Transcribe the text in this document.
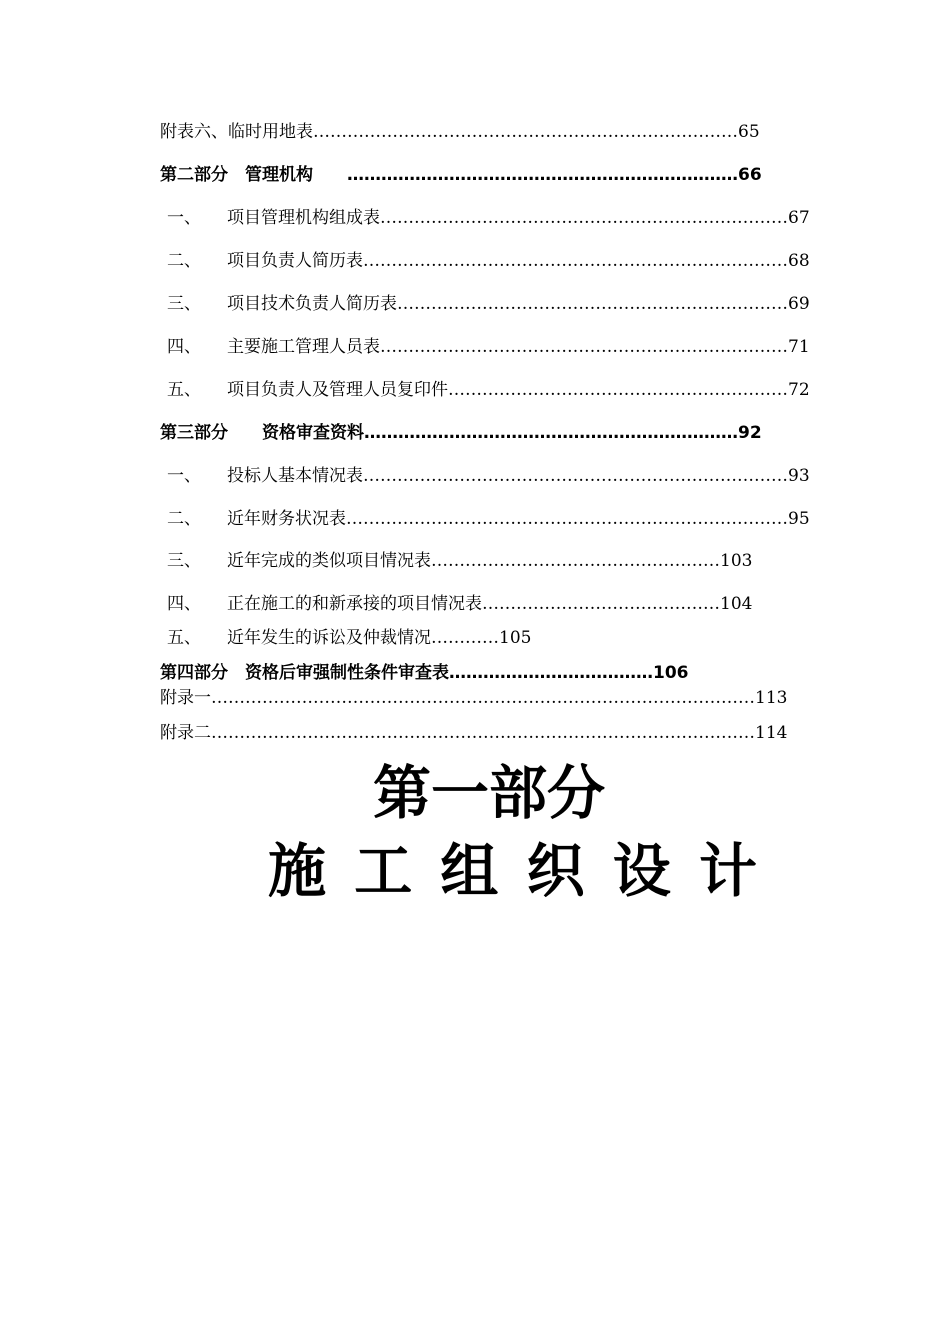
附表六、临时用地表…………………………………………………………………65
第二部分　管理机构　　……………………………………………………………66
一、 项目管理机构组成表………………………………………………………………67
二、 项目负责人简历表…………………………………………………………………68
三、 项目技术负责人简历表……………………………………………………………69
四、 主要施工管理人员表………………………………………………………………71
五、 项目负责人及管理人员复印件……………………………………………………72
第三部分　　资格审查资料…………………………………………………………92
一、 投标人基本情况表…………………………………………………………………93
二、 近年财务状况表……………………………………………………………………95
三、 近年完成的类似项目情况表……………………………………………103
四、 正在施工的和新承接的项目情况表……………………………………104
五、 近年发生的诉讼及仲裁情况…………105
第四部分　资格后审强制性条件审查表………………………………106
附录一……………………………………………………………………………………113
附录二……………………………………………………………………………………114
第一部分
施 工 组 织 设 计
